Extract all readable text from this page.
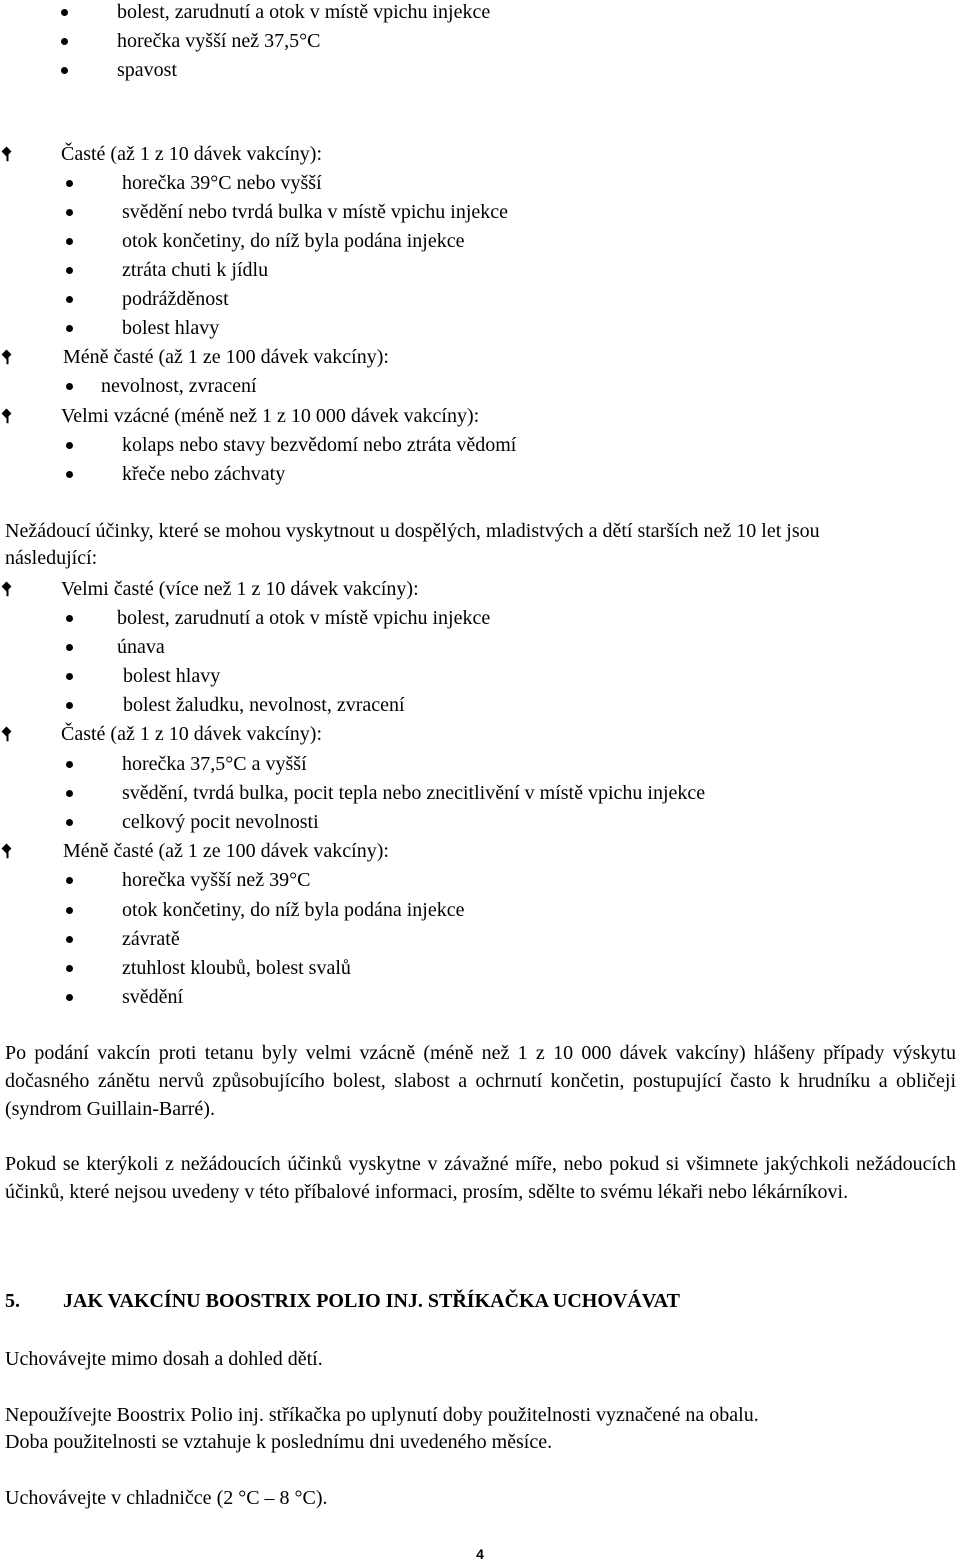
bolest, zarudnutí a otok v místě vpichu injekce
horečka vyšší než 37,5°C
spavost
Časté (až 1 z 10 dávek vakcíny):
horečka 39°C nebo vyšší
svědění nebo tvrdá bulka v místě vpichu injekce
otok končetiny, do níž byla podána injekce
ztráta chuti k jídlu
podrážděnost
bolest hlavy
Méně časté (až 1 ze 100 dávek vakcíny):
nevolnost, zvracení
Velmi vzácné (méně než 1 z 10 000 dávek vakcíny):
kolaps nebo stavy bezvědomí nebo ztráta vědomí
křeče nebo záchvaty
Nežádoucí účinky, které se mohou vyskytnout u dospělých, mladistvých a dětí starších než 10 let jsou
následující:
Velmi časté (více než 1 z 10 dávek vakcíny):
bolest, zarudnutí a otok v místě vpichu injekce
únava
bolest hlavy
bolest žaludku, nevolnost, zvracení
Časté (až 1 z 10 dávek vakcíny):
horečka 37,5°C a vyšší
svědění, tvrdá bulka, pocit tepla nebo znecitlivění v místě vpichu injekce
celkový pocit nevolnosti
Méně časté (až 1 ze 100 dávek vakcíny):
horečka vyšší než 39°C
otok končetiny, do níž byla podána injekce
závratě
ztuhlost kloubů, bolest svalů
svědění
Po podání vakcín proti tetanu byly velmi vzácně (méně než 1 z 10 000 dávek vakcíny) hlášeny případy výskytu dočasného zánětu nervů způsobujícího bolest, slabost a ochrnutí končetin, postupující často k hrudníku a obličeji (syndrom Guillain-Barré).
Pokud se kterýkoli z nežádoucích účinků vyskytne v závažné míře, nebo pokud si všimnete jakýchkoli nežádoucích účinků, které nejsou uvedeny v této příbalové informaci, prosím, sdělte to svému lékaři nebo lékárníkovi.
5. JAK VAKCÍNU BOOSTRIX POLIO INJ. STŘÍKAČKA UCHOVÁVAT
Uchovávejte mimo dosah a dohled dětí.
Nepoužívejte Boostrix Polio inj. stříkačka po uplynutí doby použitelnosti vyznačené na obalu.
Doba použitelnosti se vztahuje k poslednímu dni uvedeného měsíce.
Uchovávejte v chladničce (2 °C – 8 °C).
4
